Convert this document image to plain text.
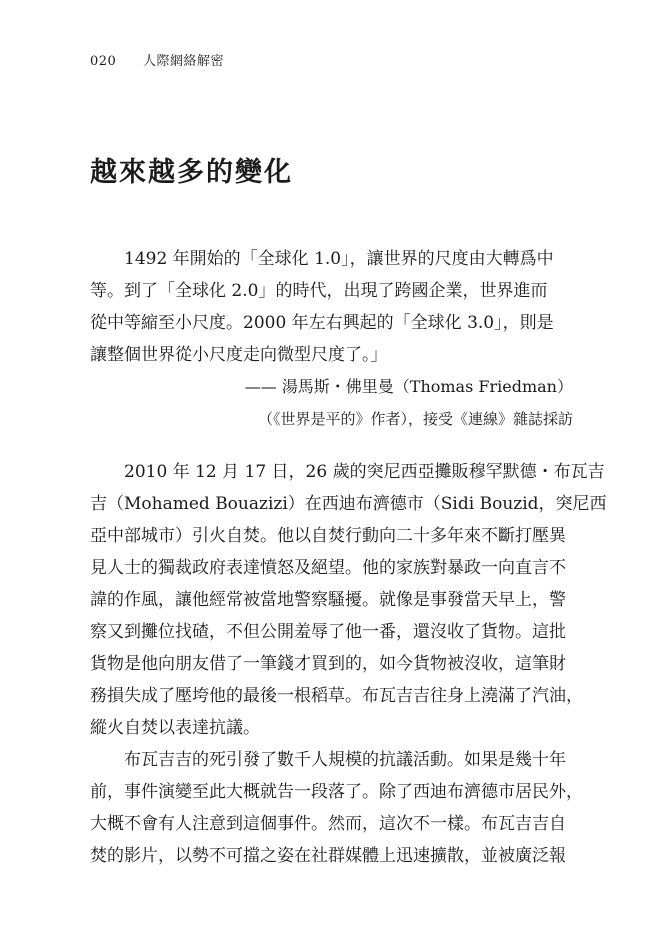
020 人際網絡解密
越來越多的變化

1492 年開始的「全球化 1.0」，讓世界的尺度由大轉爲中
等。到了「全球化 2.0」的時代，出現了跨國企業，世界進而
從中等縮至小尺度。2000 年左右興起的「全球化 3.0」，則是
讓整個世界從小尺度走向微型尺度了。」

—— 湯馬斯・佛里曼（Thomas Friedman）
（《世界是平的》作者），接受《連線》雜誌採訪
2010 年 12 月 17 日，26 歲的突尼西亞攤販穆罕默德・布瓦吉
吉（Mohamed Bouazizi）在西迪布濟德市（Sidi Bouzid，突尼西
亞中部城市）引火自焚。他以自焚行動向二十多年來不斷打壓異
見人士的獨裁政府表達憤怒及絕望。他的家族對暴政一向直言不
諱的作風，讓他經常被當地警察騷擾。就像是事發當天早上，警
察又到攤位找碴，不但公開羞辱了他一番，還沒收了貨物。這批
貨物是他向朋友借了一筆錢才買到的，如今貨物被沒收，這筆財
務損失成了壓垮他的最後一根稻草。布瓦吉吉往身上澆滿了汽油，
縱火自焚以表達抗議。
布瓦吉吉的死引發了數千人規模的抗議活動。如果是幾十年
前，事件演變至此大概就告一段落了。除了西迪布濟德市居民外，
大概不會有人注意到這個事件。然而，這次不一樣。布瓦吉吉自
焚的影片，以勢不可擋之姿在社群媒體上迅速擴散，並被廣泛報
